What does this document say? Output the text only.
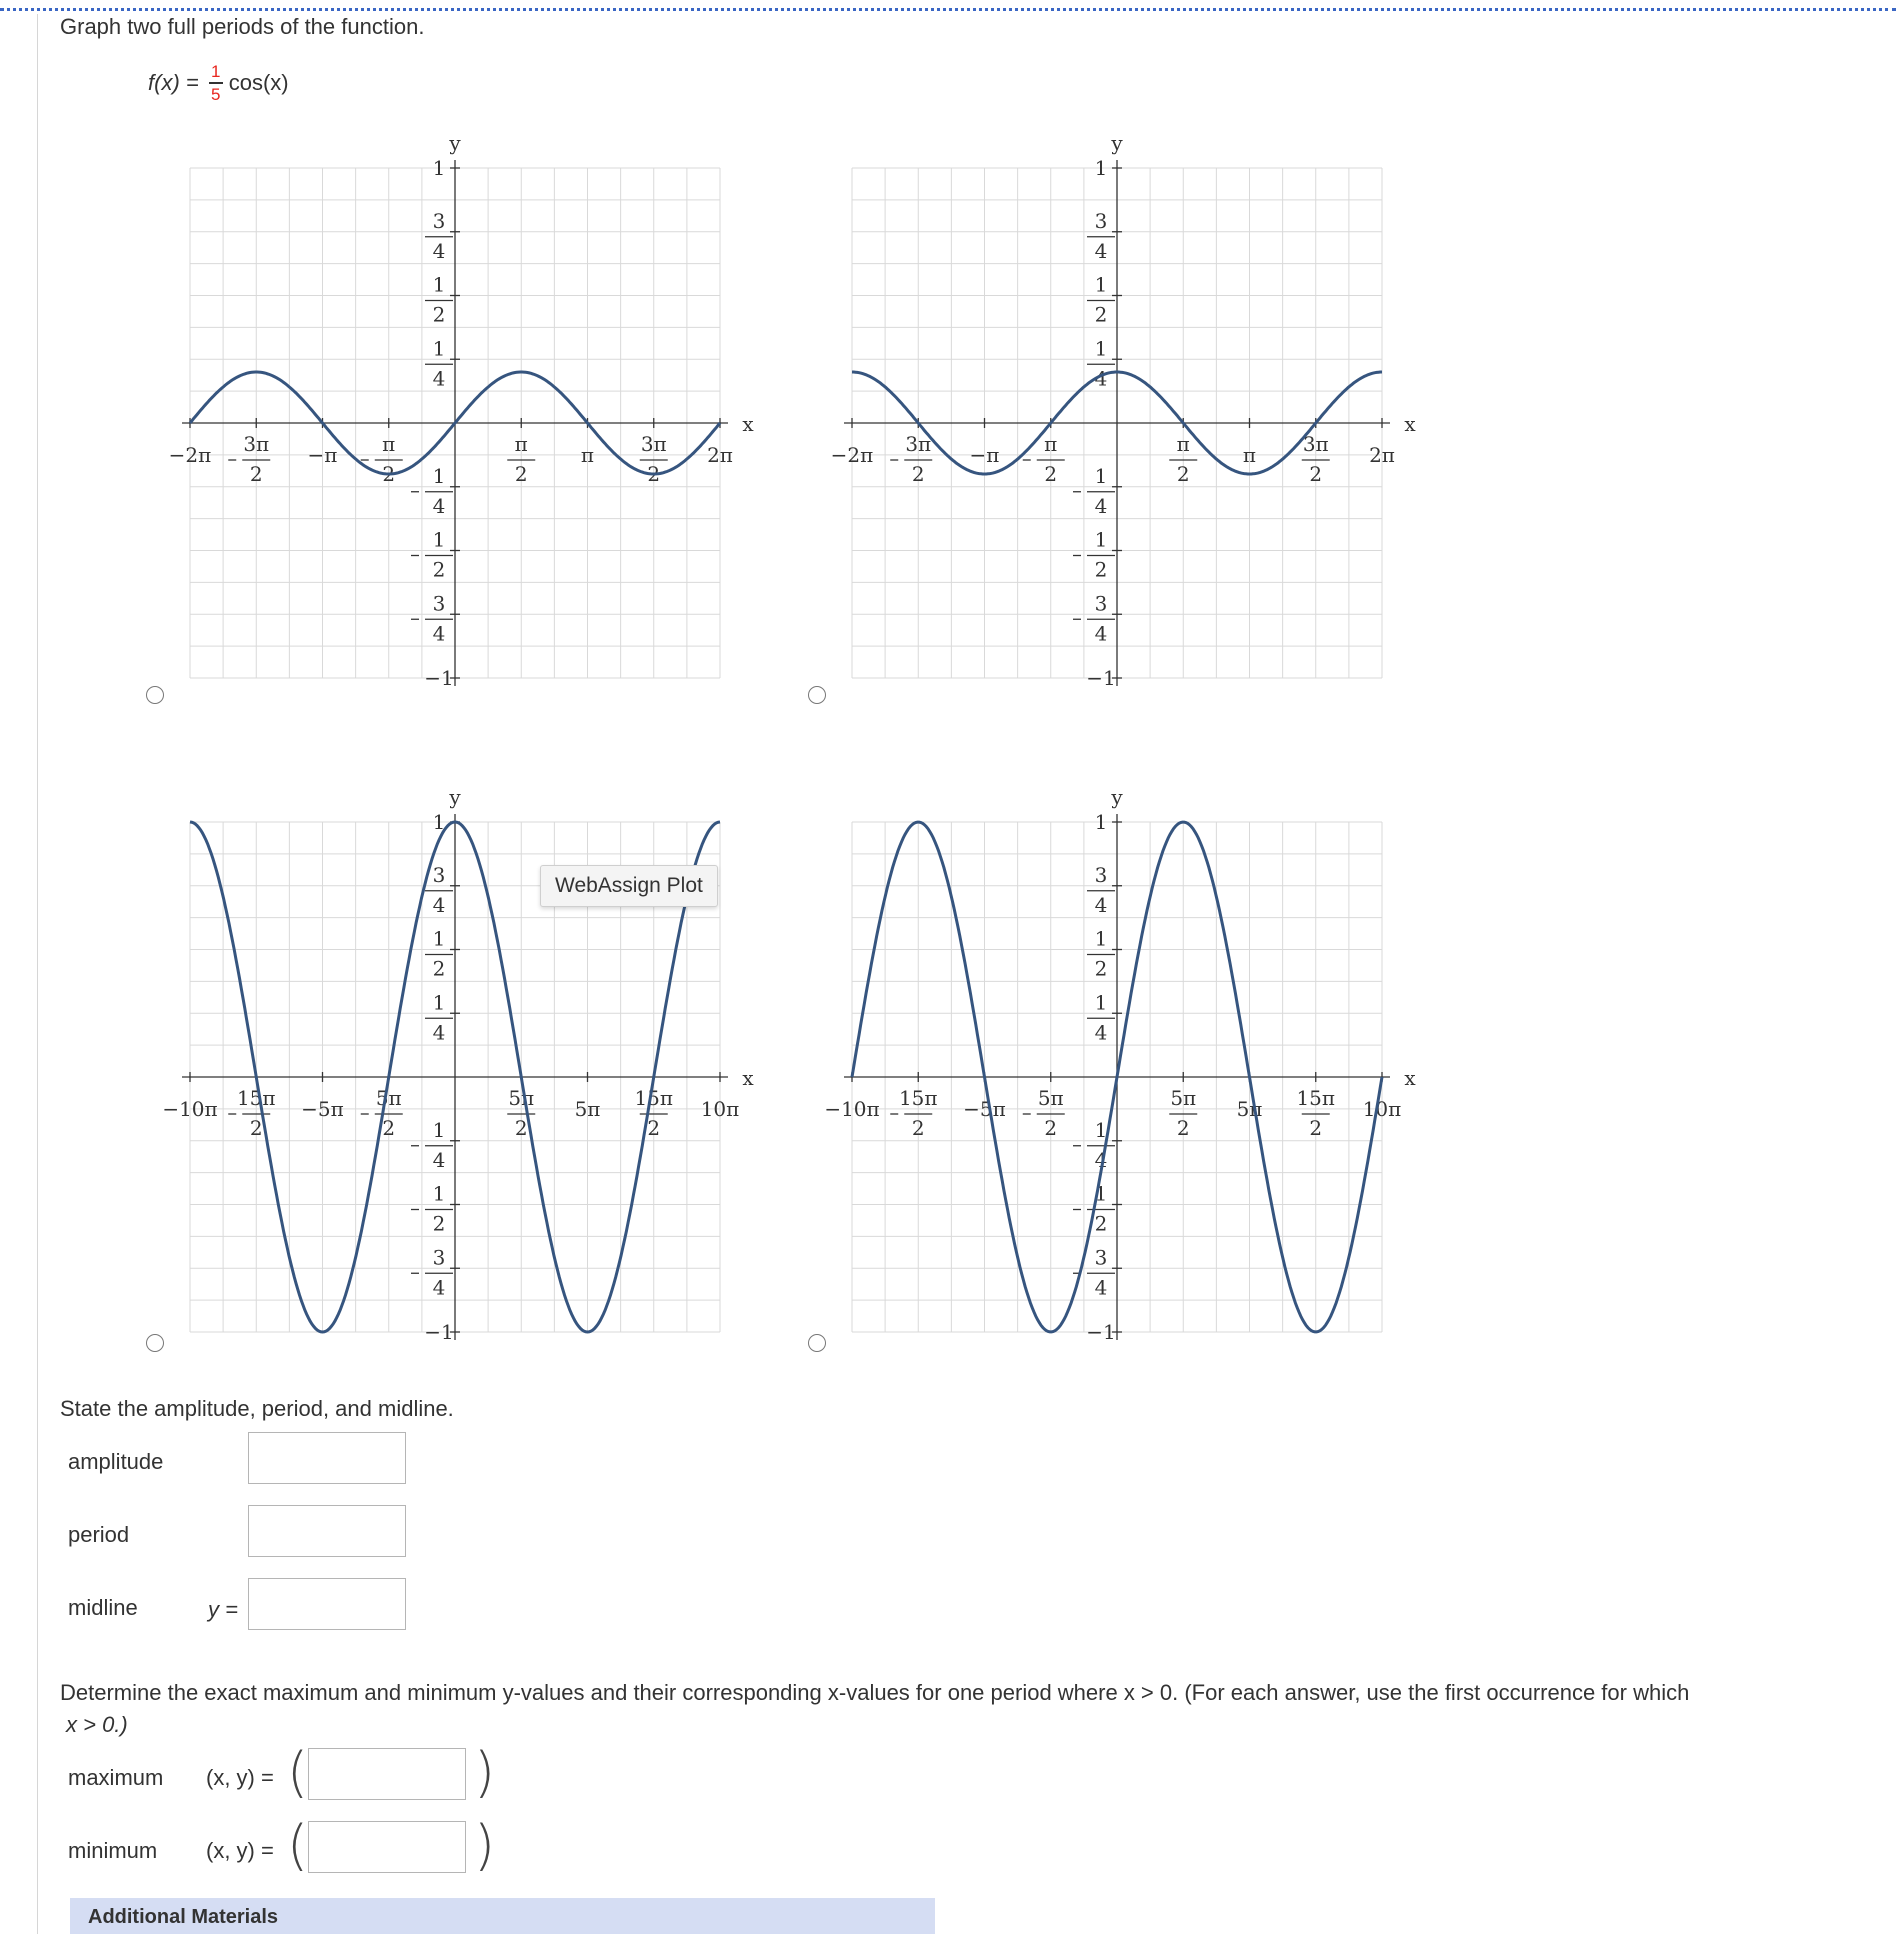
Graph two full periods of the function.
$f(x) = \frac{1}{5} \cos(x)$
x
y
−2π 3π
2
−π π
2
π
2
π 3π
2
2π
1
3
4
1
2
1
4
1
4
1
2
3
4
−1
x
y
−2π 3π
2
−π π
2
π
2
π 3π
2
2π
1
3
4
1
2
1
4
1
4
1
2
3
4
−1
x
y
−10π 15π
2
−5π 5π
2
5π
2
5π 15π
2
10π
1
3
4
1
2
1
4
1
4
1
2
3
4
−1
x
y
−10π 15π
2
−5π 5π
2
5π
2
5π 15π
2
10π
1
3
4
1
2
1
4
1
4
1
2
3
4
−1
WebAssign Plot
State the amplitude, period, and midline.
amplitude
period
midline	y =
Determine the exact maximum and minimum y-values and their corresponding x-values for one period where x > 0. (For each answer, use the first occurrence for which
x > 0.)
maximum (x, y) = (	)
minimum (x, y) = (	)
Additional Materials
